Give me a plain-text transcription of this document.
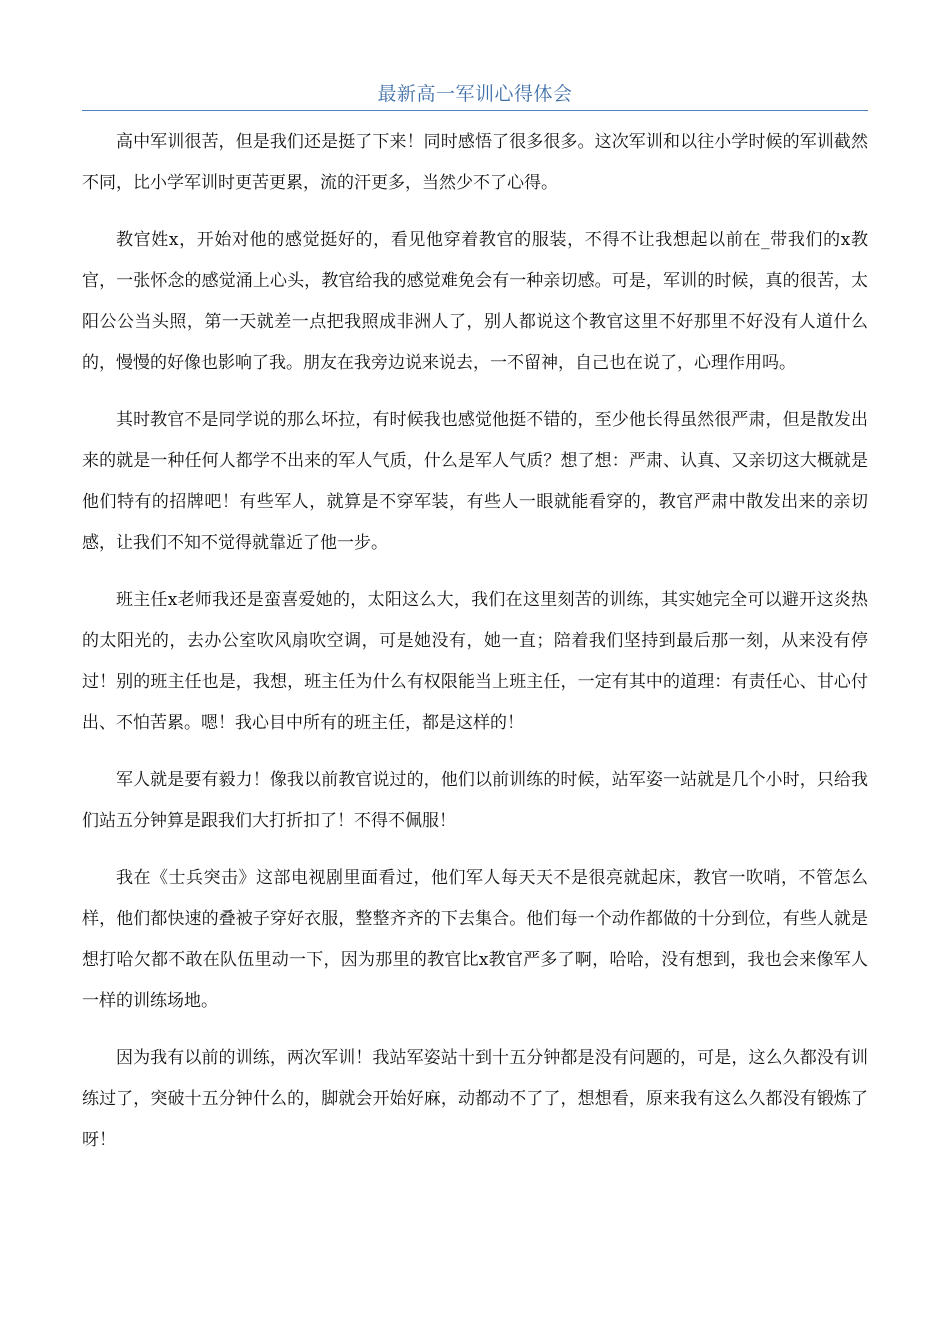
最新高一军训心得体会

高中军训很苦，但是我们还是挺了下来！同时感悟了很多很多。这次军训和以往小学时候的军训截然不同，比小学军训时更苦更累，流的汗更多，当然少不了心得。

教官姓x，开始对他的感觉挺好的，看见他穿着教官的服装，不得不让我想起以前在_带我们的x教官，一张怀念的感觉涌上心头，教官给我的感觉难免会有一种亲切感。可是，军训的时候，真的很苦，太阳公公当头照，第一天就差一点把我照成非洲人了，别人都说这个教官这里不好那里不好没有人道什么的，慢慢的好像也影响了我。朋友在我旁边说来说去，一不留神，自己也在说了，心理作用吗。

其时教官不是同学说的那么坏拉，有时候我也感觉他挺不错的，至少他长得虽然很严肃，但是散发出来的就是一种任何人都学不出来的军人气质，什么是军人气质？想了想：严肃、认真、又亲切这大概就是他们特有的招牌吧！有些军人，就算是不穿军装，有些人一眼就能看穿的，教官严肃中散发出来的亲切感，让我们不知不觉得就靠近了他一步。

班主任x老师我还是蛮喜爱她的，太阳这么大，我们在这里刻苦的训练，其实她完全可以避开这炎热的太阳光的，去办公室吹风扇吹空调，可是她没有，她一直；陪着我们坚持到最后那一刻，从来没有停过！别的班主任也是，我想，班主任为什么有权限能当上班主任，一定有其中的道理：有责任心、甘心付出、不怕苦累。嗯！我心目中所有的班主任，都是这样的！

军人就是要有毅力！像我以前教官说过的，他们以前训练的时候，站军姿一站就是几个小时，只给我们站五分钟算是跟我们大打折扣了！不得不佩服！

我在《士兵突击》这部电视剧里面看过，他们军人每天天不是很亮就起床，教官一吹哨，不管怎么样，他们都快速的叠被子穿好衣服，整整齐齐的下去集合。他们每一个动作都做的十分到位，有些人就是想打哈欠都不敢在队伍里动一下，因为那里的教官比x教官严多了啊，哈哈，没有想到，我也会来像军人一样的训练场地。

因为我有以前的训练，两次军训！我站军姿站十到十五分钟都是没有问题的，可是，这么久都没有训练过了，突破十五分钟什么的，脚就会开始好麻，动都动不了了，想想看，原来我有这么久都没有锻炼了呀！
